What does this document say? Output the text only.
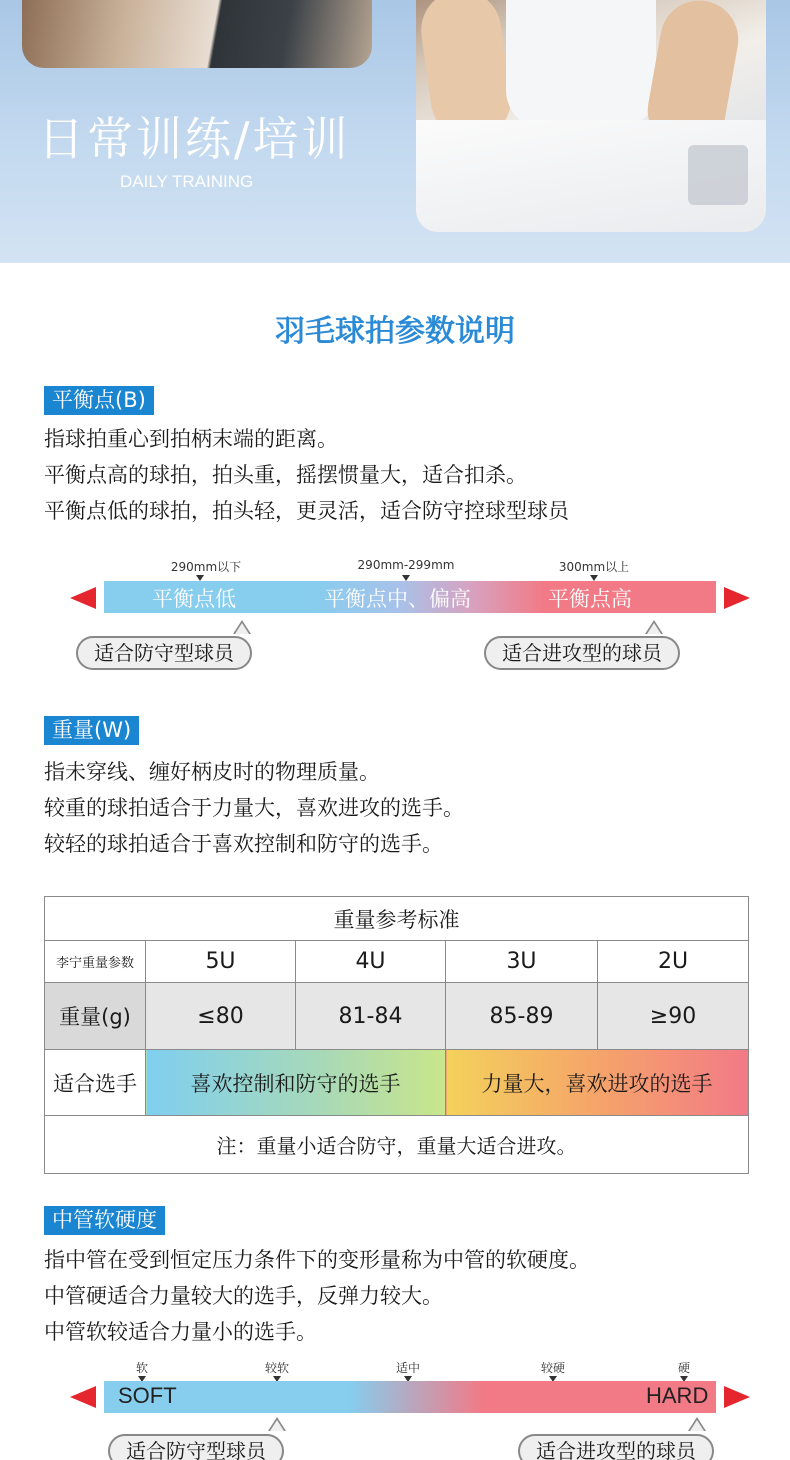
日常训练/培训
DAILY TRAINING
羽毛球拍参数说明
平衡点(B)
指球拍重心到拍柄末端的距离。
平衡点高的球拍，拍头重，摇摆惯量大，适合扣杀。
平衡点低的球拍，拍头轻，更灵活，适合防守控球型球员
290mm以下	290mm-299mm	300mm以上
平衡点低	平衡点中、偏高	平衡点高
适合防守型球员	适合进攻型的球员
重量(W)
指未穿线、缠好柄皮时的物理质量。
较重的球拍适合于力量大，喜欢进攻的选手。
较轻的球拍适合于喜欢控制和防守的选手。
重量参考标准				
李宁重量参数	5U	4U	3U	2U
重量(g)	≤80	81-84	85-89	≥90
适合选手	喜欢控制和防守的选手		力量大，喜欢进攻的选手	
注：重量小适合防守，重量大适合进攻。				
中管软硬度
指中管在受到恒定压力条件下的变形量称为中管的软硬度。
中管硬适合力量较大的选手，反弹力较大。
中管软较适合力量小的选手。
软	较软	适中	较硬	硬
SOFT	HARD
适合防守型球员	适合进攻型的球员
